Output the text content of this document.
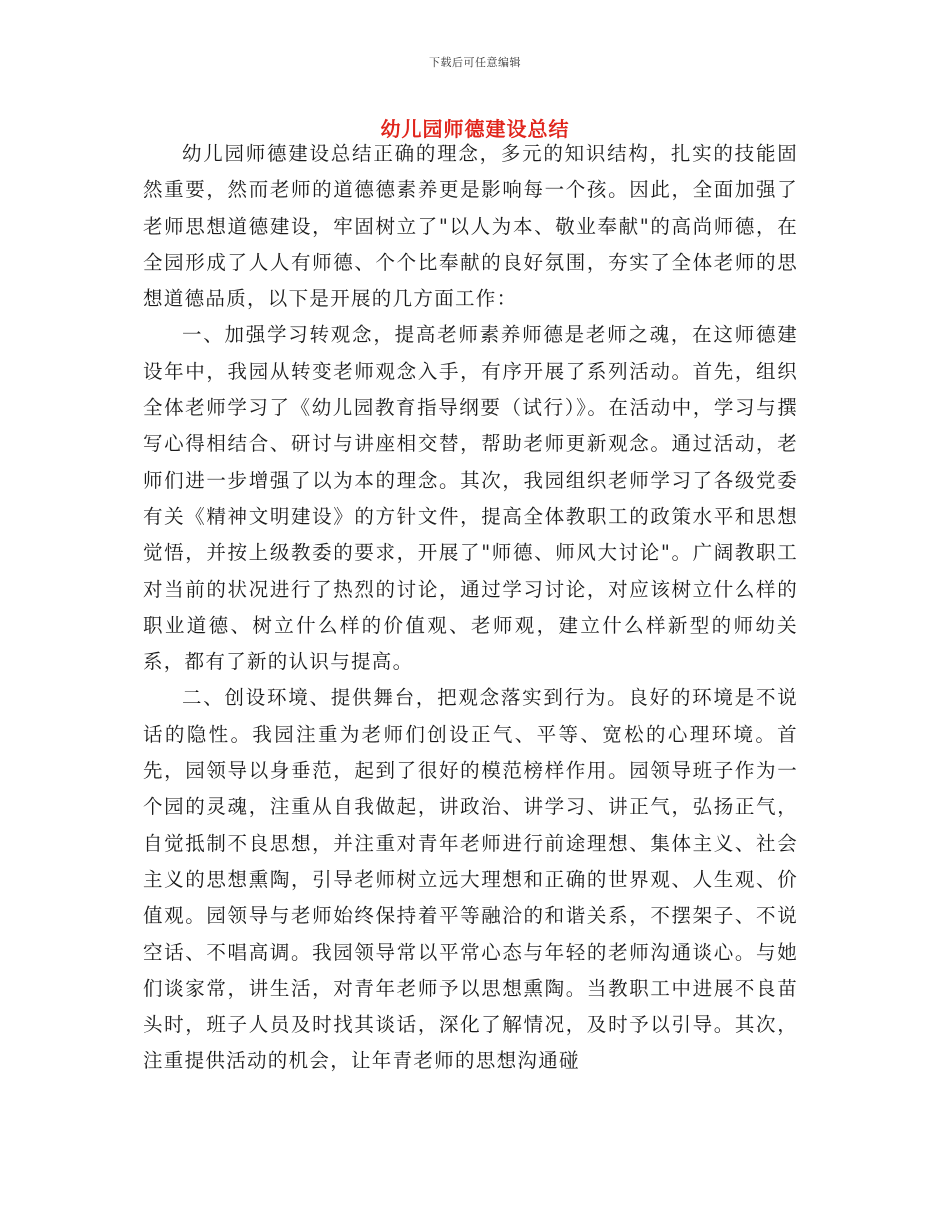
下载后可任意编辑
幼儿园师德建设总结

幼儿园师德建设总结正确的理念，多元的知识结构，扎实的技能固然重要，然而老师的道德德素养更是影响每一个孩。因此，全面加强了老师思想道德建设，牢固树立了"以人为本、敬业奉献"的高尚师德，在全园形成了人人有师德、个个比奉献的良好氛围，夯实了全体老师的思想道德品质，以下是开展的几方面工作：

一、加强学习转观念，提高老师素养师德是老师之魂，在这师德建设年中，我园从转变老师观念入手，有序开展了系列活动。首先，组织全体老师学习了《幼儿园教育指导纲要（试行）》。在活动中，学习与撰写心得相结合、研讨与讲座相交替，帮助老师更新观念。通过活动，老师们进一步增强了以为本的理念。其次，我园组织老师学习了各级党委有关《精神文明建设》的方针文件，提高全体教职工的政策水平和思想觉悟，并按上级教委的要求，开展了"师德、师风大讨论"。广阔教职工对当前的状况进行了热烈的讨论，通过学习讨论，对应该树立什么样的职业道德、树立什么样的价值观、老师观，建立什么样新型的师幼关系，都有了新的认识与提高。

二、创设环境、提供舞台，把观念落实到行为。良好的环境是不说话的隐性。我园注重为老师们创设正气、平等、宽松的心理环境。首先，园领导以身垂范，起到了很好的模范榜样作用。园领导班子作为一个园的灵魂，注重从自我做起，讲政治、讲学习、讲正气，弘扬正气，自觉抵制不良思想，并注重对青年老师进行前途理想、集体主义、社会主义的思想熏陶，引导老师树立远大理想和正确的世界观、人生观、价值观。园领导与老师始终保持着平等融洽的和谐关系，不摆架子、不说空话、不唱高调。我园领导常以平常心态与年轻的老师沟通谈心。与她们谈家常，讲生活，对青年老师予以思想熏陶。当教职工中进展不良苗头时，班子人员及时找其谈话，深化了解情况，及时予以引导。其次，注重提供活动的机会，让年青老师的思想沟通碰
